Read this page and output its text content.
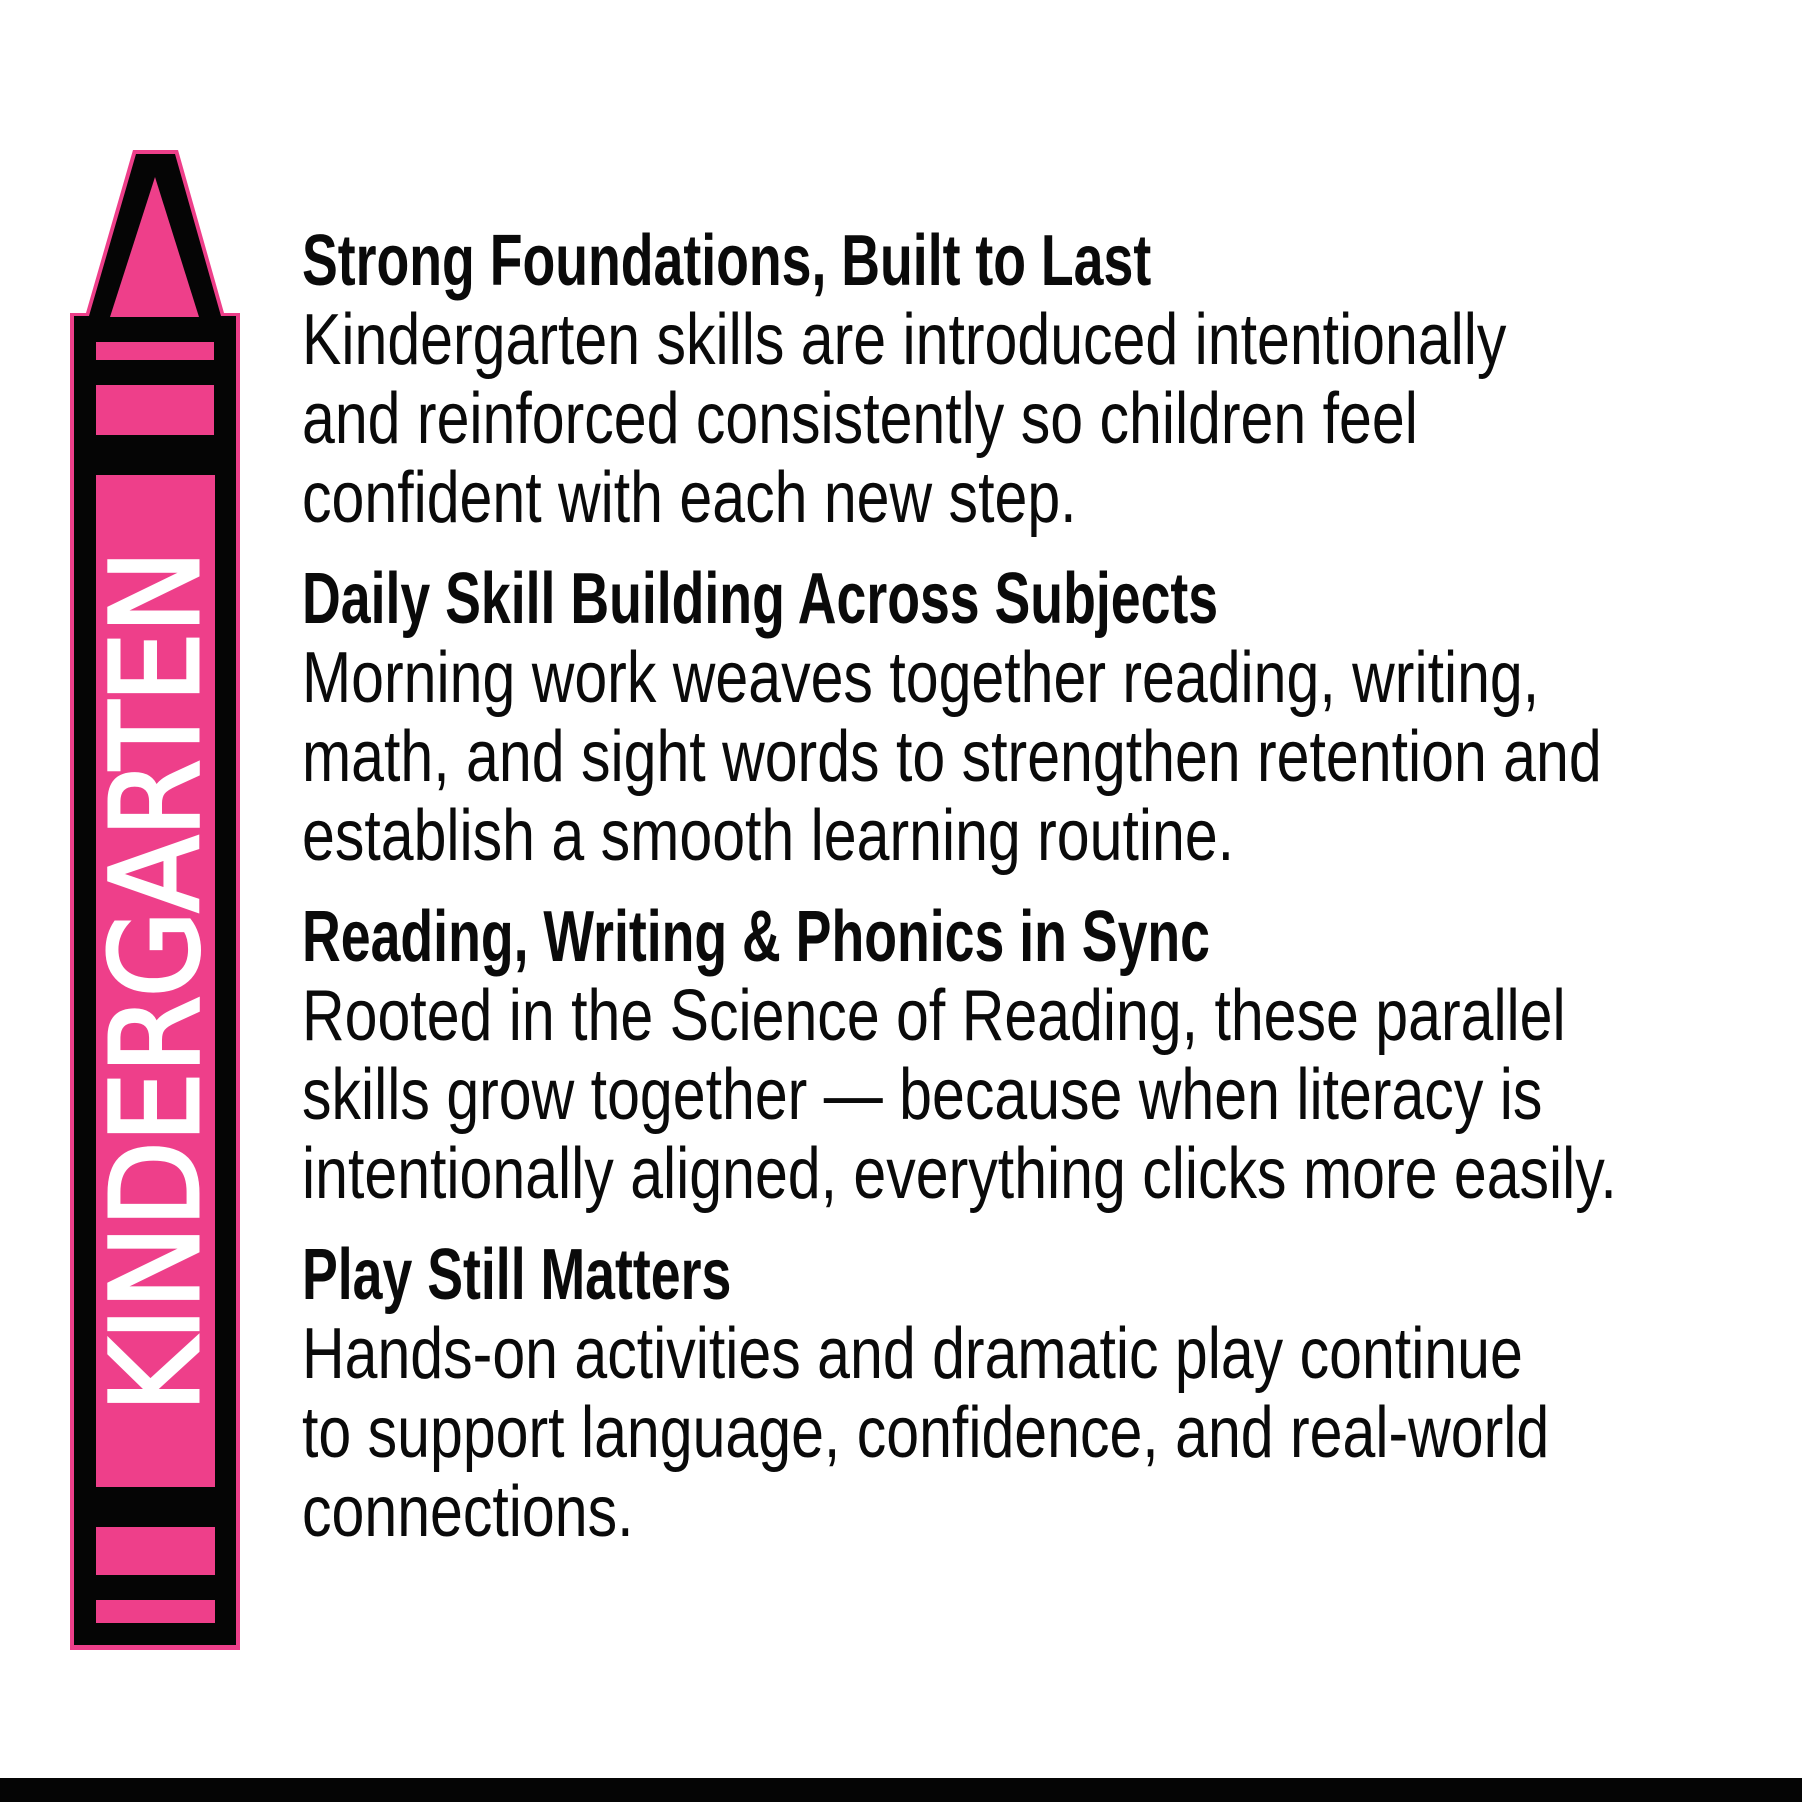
KINDERGARTEN
Strong Foundations, Built to Last
Kindergarten skills are introduced intentionally
and reinforced consistently so children feel
confident with each new step.
Daily Skill Building Across Subjects
Morning work weaves together reading, writing,
math, and sight words to strengthen retention and
establish a smooth learning routine.
Reading, Writing & Phonics in Sync
Rooted in the Science of Reading, these parallel
skills grow together — because when literacy is
intentionally aligned, everything clicks more easily.
Play Still Matters
Hands-on activities and dramatic play continue
to support language, confidence, and real-world
connections.
